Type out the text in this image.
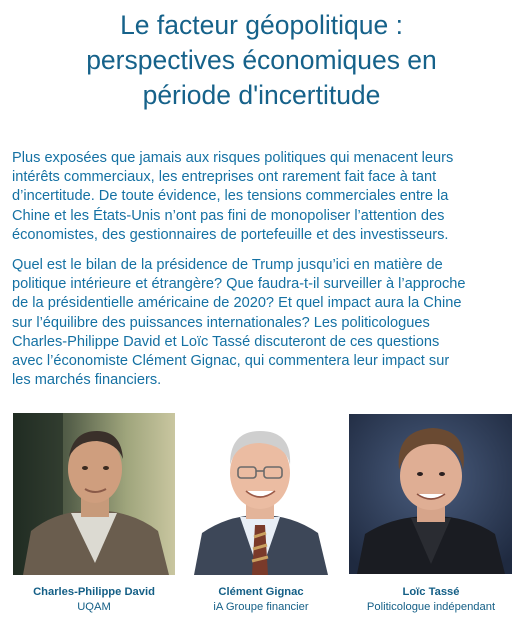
Le facteur géopolitique :
perspectives économiques en
période d'incertitude

Plus exposées que jamais aux risques politiques qui menacent leurs
intérêts commerciaux, les entreprises ont rarement fait face à tant
d’incertitude. De toute évidence, les tensions commerciales entre la
Chine et les États-Unis n’ont pas fini de monopoliser l’attention des
économistes, des gestionnaires de portefeuille et des investisseurs.

Quel est le bilan de la présidence de Trump jusqu’ici en matière de
politique intérieure et étrangère? Que faudra-t-il surveiller à l’approche
de la présidentielle américaine de 2020? Et quel impact aura la Chine
sur l’équilibre des puissances internationales? Les politicologues
Charles-Philippe David et Loïc Tassé discuteront de ces questions
avec l’économiste Clément Gignac, qui commentera leur impact sur
les marchés financiers.

Charles-Philippe David
UQAM
Clément Gignac
iA Groupe financier
Loïc Tassé
Politicologue indépendant
